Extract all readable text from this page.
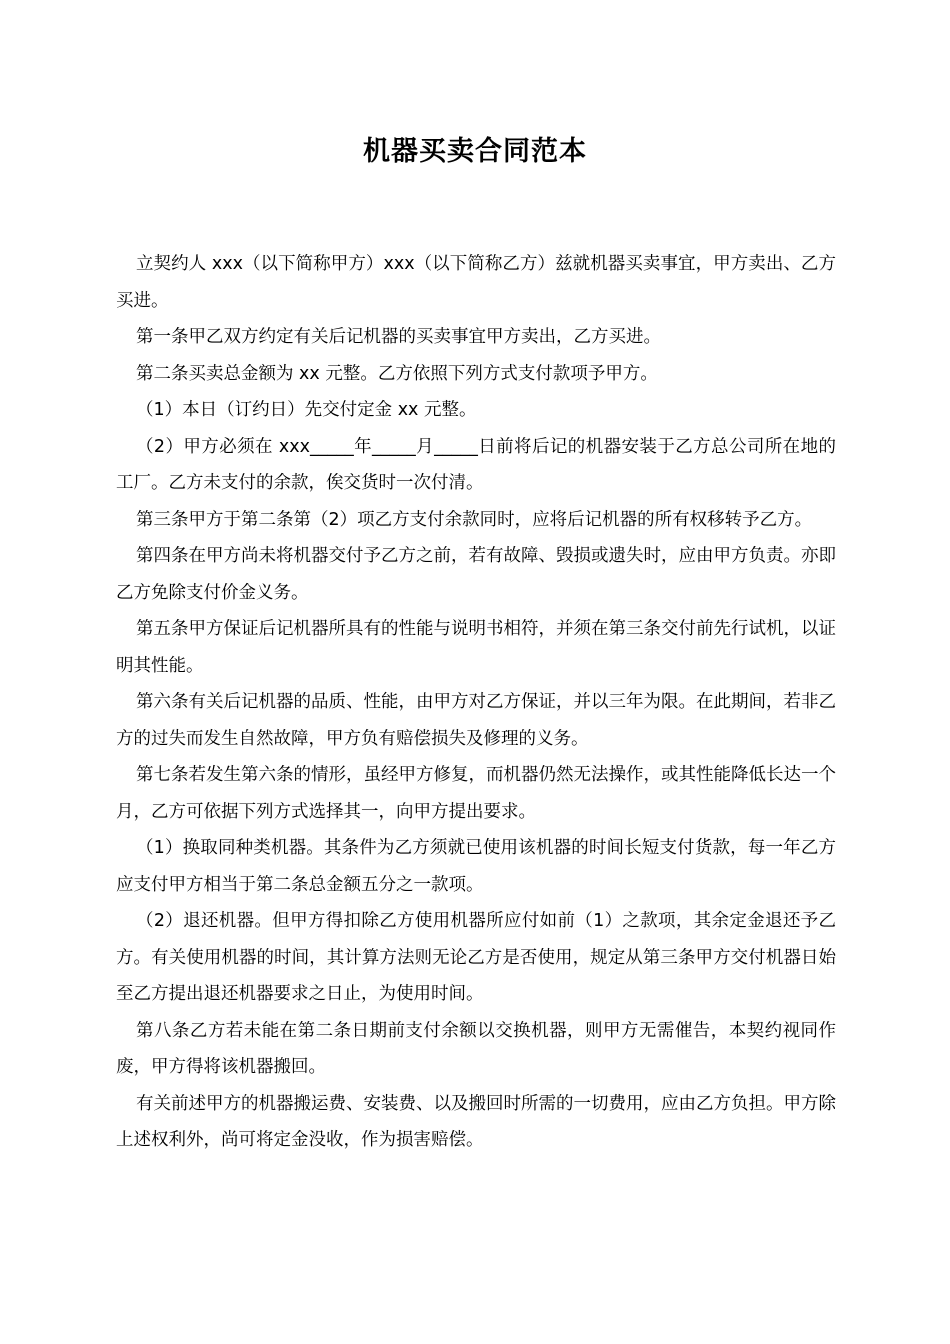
机器买卖合同范本

立契约人 xxx（以下简称甲方）xxx（以下简称乙方）兹就机器买卖事宜，甲方卖出、乙方买进。

第一条甲乙双方约定有关后记机器的买卖事宜甲方卖出，乙方买进。

第二条买卖总金额为 xx 元整。乙方依照下列方式支付款项予甲方。

（1）本日（订约日）先交付定金 xx 元整。

（2）甲方必须在 xxx_____年_____月_____日前将后记的机器安装于乙方总公司所在地的工厂。乙方未支付的余款，俟交货时一次付清。

第三条甲方于第二条第（2）项乙方支付余款同时，应将后记机器的所有权移转予乙方。

第四条在甲方尚未将机器交付予乙方之前，若有故障、毁损或遗失时，应由甲方负责。亦即乙方免除支付价金义务。

第五条甲方保证后记机器所具有的性能与说明书相符，并须在第三条交付前先行试机，以证明其性能。

第六条有关后记机器的品质、性能，由甲方对乙方保证，并以三年为限。在此期间，若非乙方的过失而发生自然故障，甲方负有赔偿损失及修理的义务。

第七条若发生第六条的情形，虽经甲方修复，而机器仍然无法操作，或其性能降低长达一个月，乙方可依据下列方式选择其一，向甲方提出要求。

（1）换取同种类机器。其条件为乙方须就已使用该机器的时间长短支付货款，每一年乙方应支付甲方相当于第二条总金额五分之一款项。

（2）退还机器。但甲方得扣除乙方使用机器所应付如前（1）之款项，其余定金退还予乙方。有关使用机器的时间，其计算方法则无论乙方是否使用，规定从第三条甲方交付机器日始至乙方提出退还机器要求之日止，为使用时间。

第八条乙方若未能在第二条日期前支付余额以交换机器，则甲方无需催告，本契约视同作废，甲方得将该机器搬回。

有关前述甲方的机器搬运费、安装费、以及搬回时所需的一切费用，应由乙方负担。甲方除上述权利外，尚可将定金没收，作为损害赔偿。
